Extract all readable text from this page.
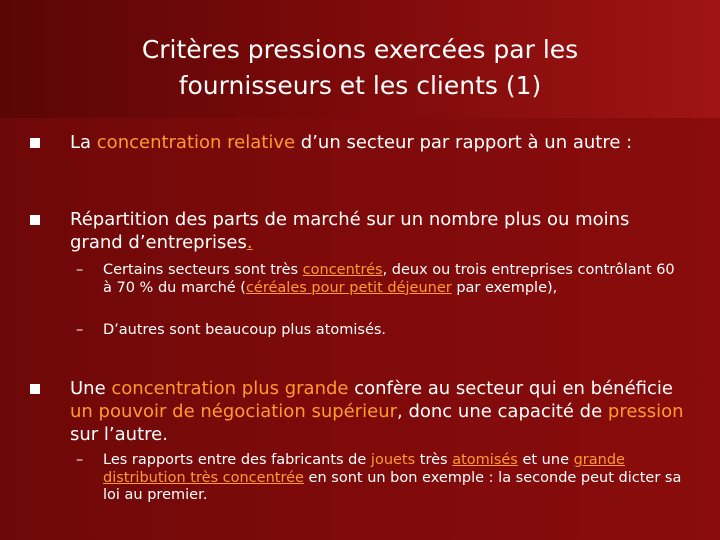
Critères pressions exercées par les
fournisseurs et les clients (1)
La concentration relative d’un secteur par rapport à un autre :
Répartition des parts de marché sur un nombre plus ou moins grand d’entreprises.
– Certains secteurs sont très concentrés, deux ou trois entreprises contrôlant 60 à 70 % du marché (céréales pour petit déjeuner par exemple),
– D’autres sont beaucoup plus atomisés.
Une concentration plus grande confère au secteur qui en bénéficie un pouvoir de négociation supérieur, donc une capacité de pression sur l’autre.
– Les rapports entre des fabricants de jouets très atomisés et une grande distribution très concentrée en sont un bon exemple : la seconde peut dicter sa loi au premier.
